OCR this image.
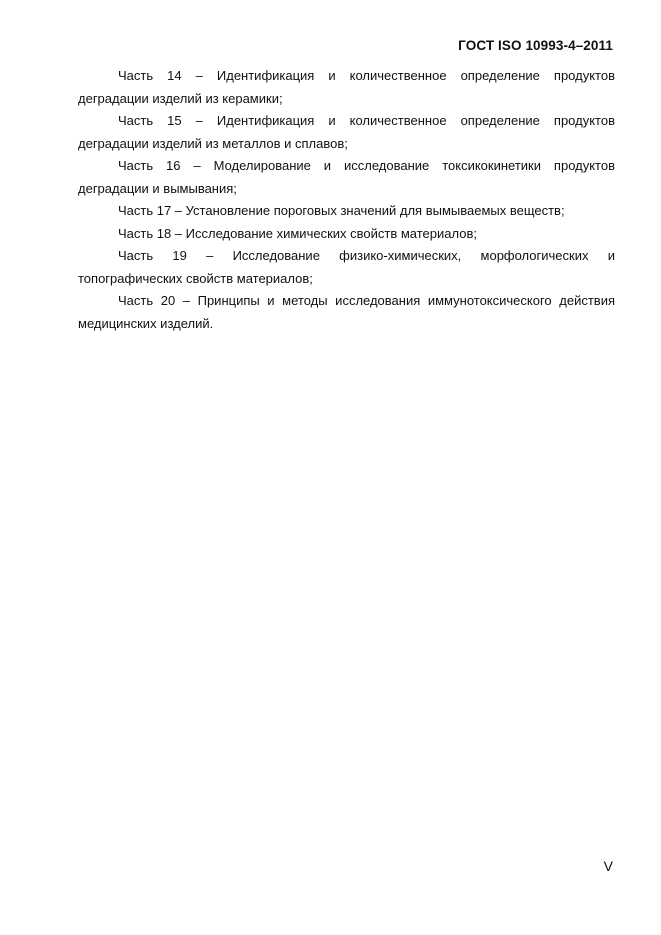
ГОСТ ISO 10993-4–2011

Часть 14 – Идентификация и количественное определение продуктов деградации изделий из керамики;

Часть 15 – Идентификация и количественное определение продуктов деградации изделий из металлов и сплавов;

Часть 16 – Моделирование и исследование токсикокинетики продуктов деградации и вымывания;

Часть 17 – Установление пороговых значений для вымываемых веществ;

Часть 18 – Исследование химических свойств материалов;

Часть 19 – Исследование физико-химических, морфологических и топографических свойств материалов;

Часть 20 – Принципы и методы исследования иммунотоксического действия медицинских изделий.

V
